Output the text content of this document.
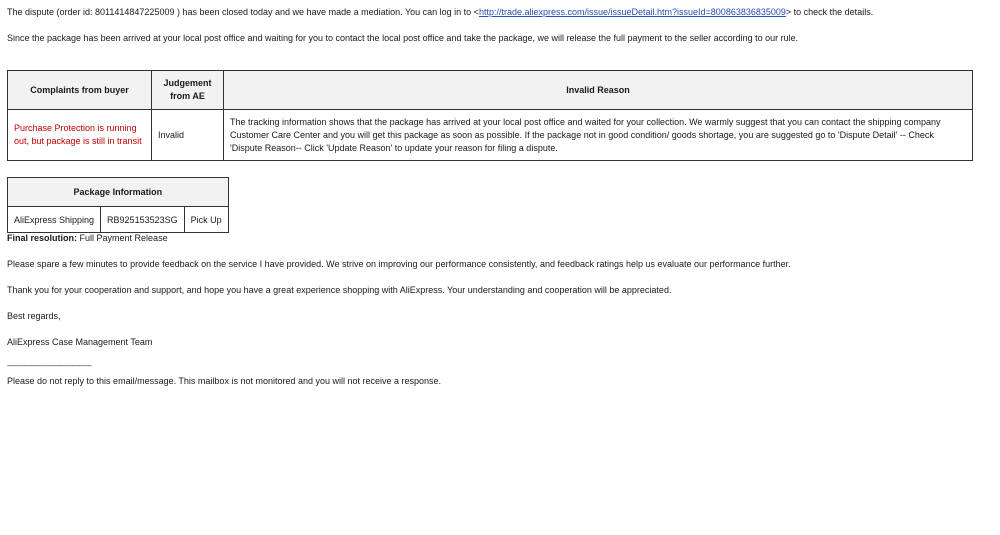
The dispute (order id: 8011414847225009 ) has been closed today and we have made a mediation. You can log in to <http://trade.aliexpress.com/issue/issueDetail.htm?issueId=800863836835009> to check the details.
Since the package has been arrived at your local post office and waiting for you to contact the local post office and take the package, we will release the full payment to the seller according to our rule.
Complaints from buyer	Judgement from AE	Invalid Reason
Purchase Protection is running out, but package is still in transit	Invalid	The tracking information shows that the package has arrived at your local post office and waited for your collection. We warmly suggest that you can contact the shipping company Customer Care Center and you will get this package as soon as possible. If the package not in good condition/ goods shortage, you are suggested go to 'Dispute Detail' -- Check 'Dispute Reason-- Click 'Update Reason' to update your reason for filing a dispute.
Package Information
AliExpress Shipping	RB925153523SG	Pick Up
Final resolution: Full Payment Release
Please spare a few minutes to provide feedback on the service I have provided. We strive on improving our performance consistently, and feedback ratings help us evaluate our performance further.
Thank you for your cooperation and support, and hope you have a great experience shopping with AliExpress. Your understanding and cooperation will be appreciated.
Best regards,
AliExpress Case Management Team
----------------------------------------------
Please do not reply to this email/message. This mailbox is not monitored and you will not receive a response.
